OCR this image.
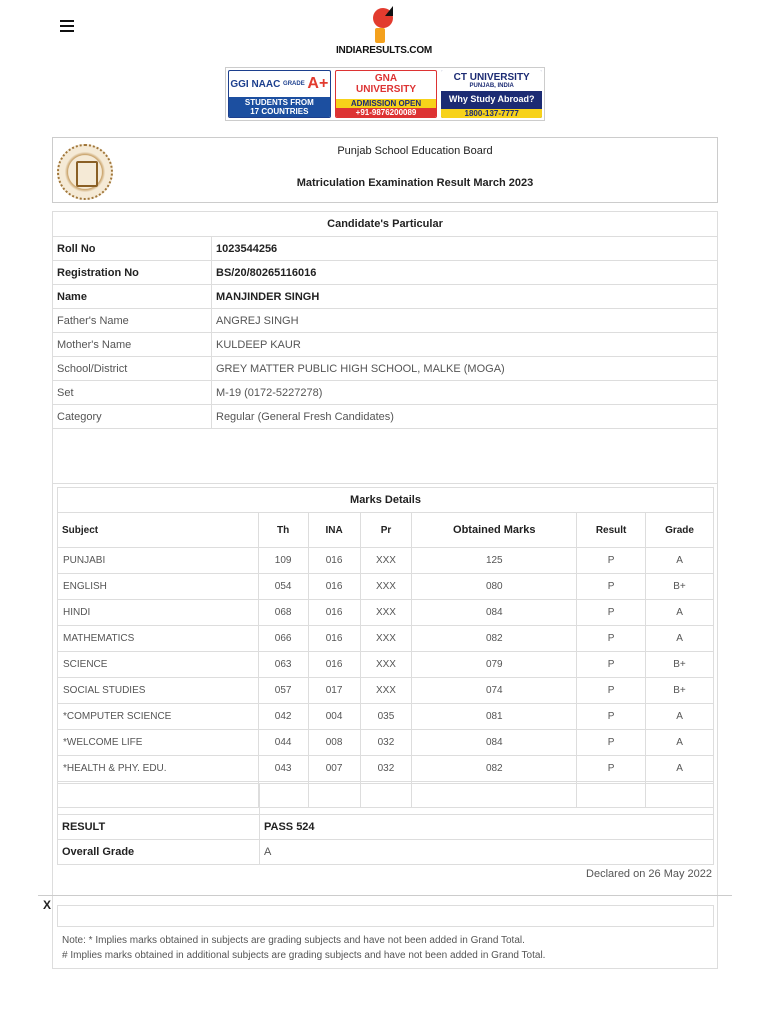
INDIARESULTS.COM
GGI NAAC GRADE A+
STUDENTS FROM
17 COUNTRIES
GNA
UNIVERSITY
ADMISSION OPEN
+91-9876200089
CT UNIVERSITY
PUNJAB, INDIA
Why Study Abroad?
1800-137-7777
Punjab School Education Board
Matriculation Examination Result March 2023
Candidate's Particular	
Roll No	1023544256
Registration No	BS/20/80265116016
Name	MANJINDER SINGH
Father's Name	ANGREJ SINGH
Mother's Name	KULDEEP KAUR
School/District	GREY MATTER PUBLIC HIGH SCHOOL, MALKE (MOGA)
Set	M-19 (0172-5227278)
Category	Regular (General Fresh Candidates)

Marks Details						
Subject	Th	INA	Pr	Obtained Marks	Result	Grade
PUNJABI	109	016	XXX	125	P	A
ENGLISH	054	016	XXX	080	P	B+
HINDI	068	016	XXX	084	P	A
MATHEMATICS	066	016	XXX	082	P	A
SCIENCE	063	016	XXX	079	P	B+
SOCIAL STUDIES	057	017	XXX	074	P	B+
*COMPUTER SCIENCE	042	004	035	081	P	A
*WELCOME LIFE	044	008	032	084	P	A
*HEALTH & PHY. EDU.	043	007	032	082	P	A

RESULT	PASS 524
Overall Grade	A
Declared on 26 May 2022
X
Note: * Implies marks obtained in subjects are grading subjects and have not been added in Grand Total.
# Implies marks obtained in additional subjects are grading subjects and have not been added in Grand Total.
